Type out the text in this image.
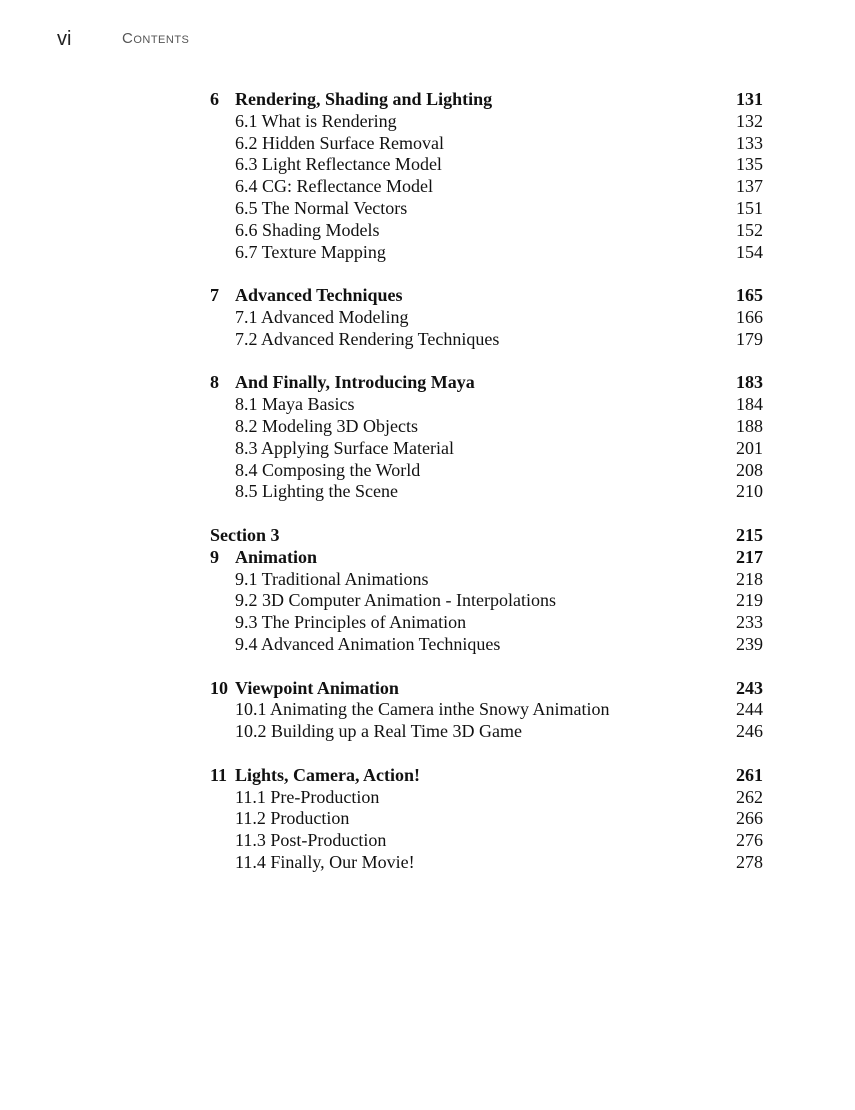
vi	Contents
6 Rendering, Shading and Lighting	131
6.1 What is Rendering	132
6.2 Hidden Surface Removal	133
6.3 Light Reflectance Model	135
6.4 CG: Reflectance Model	137
6.5 The Normal Vectors	151
6.6 Shading Models	152
6.7 Texture Mapping	154
7 Advanced Techniques	165
7.1 Advanced Modeling	166
7.2 Advanced Rendering Techniques	179
8 And Finally, Introducing Maya	183
8.1 Maya Basics	184
8.2 Modeling 3D Objects	188
8.3 Applying Surface Material	201
8.4 Composing the World	208
8.5 Lighting the Scene	210
Section 3	215
9 Animation	217
9.1 Traditional Animations	218
9.2 3D Computer Animation - Interpolations	219
9.3 The Principles of Animation	233
9.4 Advanced Animation Techniques	239
10 Viewpoint Animation	243
10.1 Animating the Camera inthe Snowy Animation	244
10.2 Building up a Real Time 3D Game	246
11 Lights, Camera, Action!	261
11.1 Pre-Production	262
11.2 Production	266
11.3 Post-Production	276
11.4 Finally, Our Movie!	278
